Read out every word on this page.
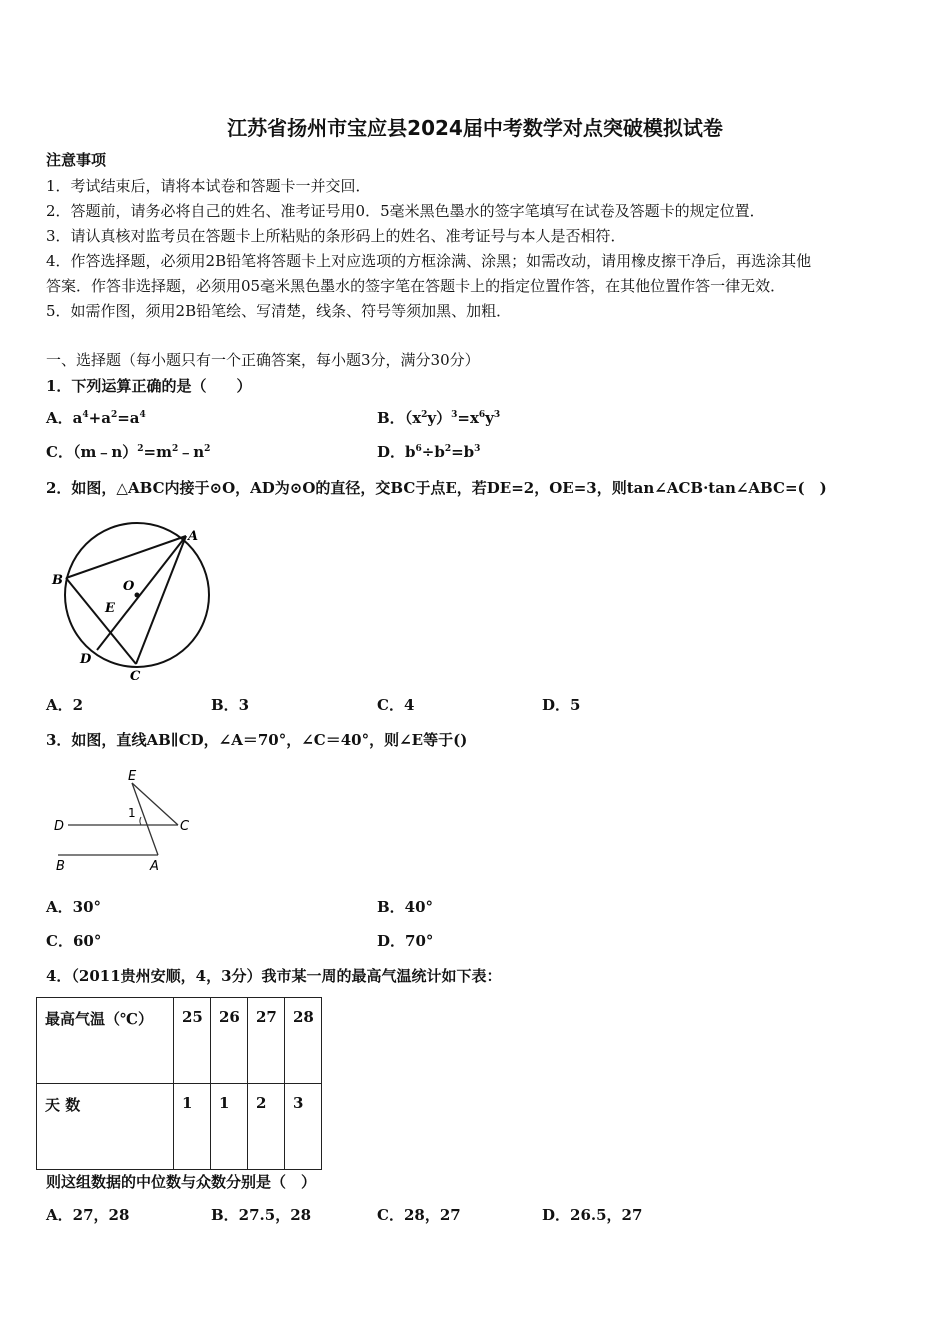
江苏省扬州市宝应县2024届中考数学对点突破模拟试卷
注意事项
1．考试结束后，请将本试卷和答题卡一并交回．
2．答题前，请务必将自己的姓名、准考证号用0．5毫米黑色墨水的签字笔填写在试卷及答题卡的规定位置．
3．请认真核对监考员在答题卡上所粘贴的条形码上的姓名、准考证号与本人是否相符．
4．作答选择题，必须用2B铅笔将答题卡上对应选项的方框涂满、涂黑；如需改动，请用橡皮擦干净后，再选涂其他
答案．作答非选择题，必须用05毫米黑色墨水的签字笔在答题卡上的指定位置作答，在其他位置作答一律无效．
5．如需作图，须用2B铅笔绘、写清楚，线条、符号等须加黑、加粗．
一、选择题（每小题只有一个正确答案，每小题3分，满分30分）
1．下列运算正确的是（　　）
A．$a^4+a^2=a^4$	B．$(x^2y)^3=x^6y^3$
C．$(m﹣n)^2=m^2﹣n^2$	D．$b^6\div b^2=b^3$
2．如图，△ABC内接于⊙O，AD为⊙O的直径，交BC于点E，若DE=2，OE=3，则tan∠ACB·tan∠ABC=(　)
A
B
C
D
E
O
A．2	B．3	C．4	D．5
3．如图，直线AB∥CD，∠A＝70°，∠C＝40°，则∠E等于()
E
D	C
B	A
1
A．30°	B．40°
C．60°	D．70°
4．（2011贵州安顺，4，3分）我市某一周的最高气温统计如下表：
最高气温（℃）	25	26	27	28
天 数	1	1	2	3
则这组数据的中位数与众数分别是（　）
A．27，28	B．27.5，28	C．28，27	D．26.5，27
